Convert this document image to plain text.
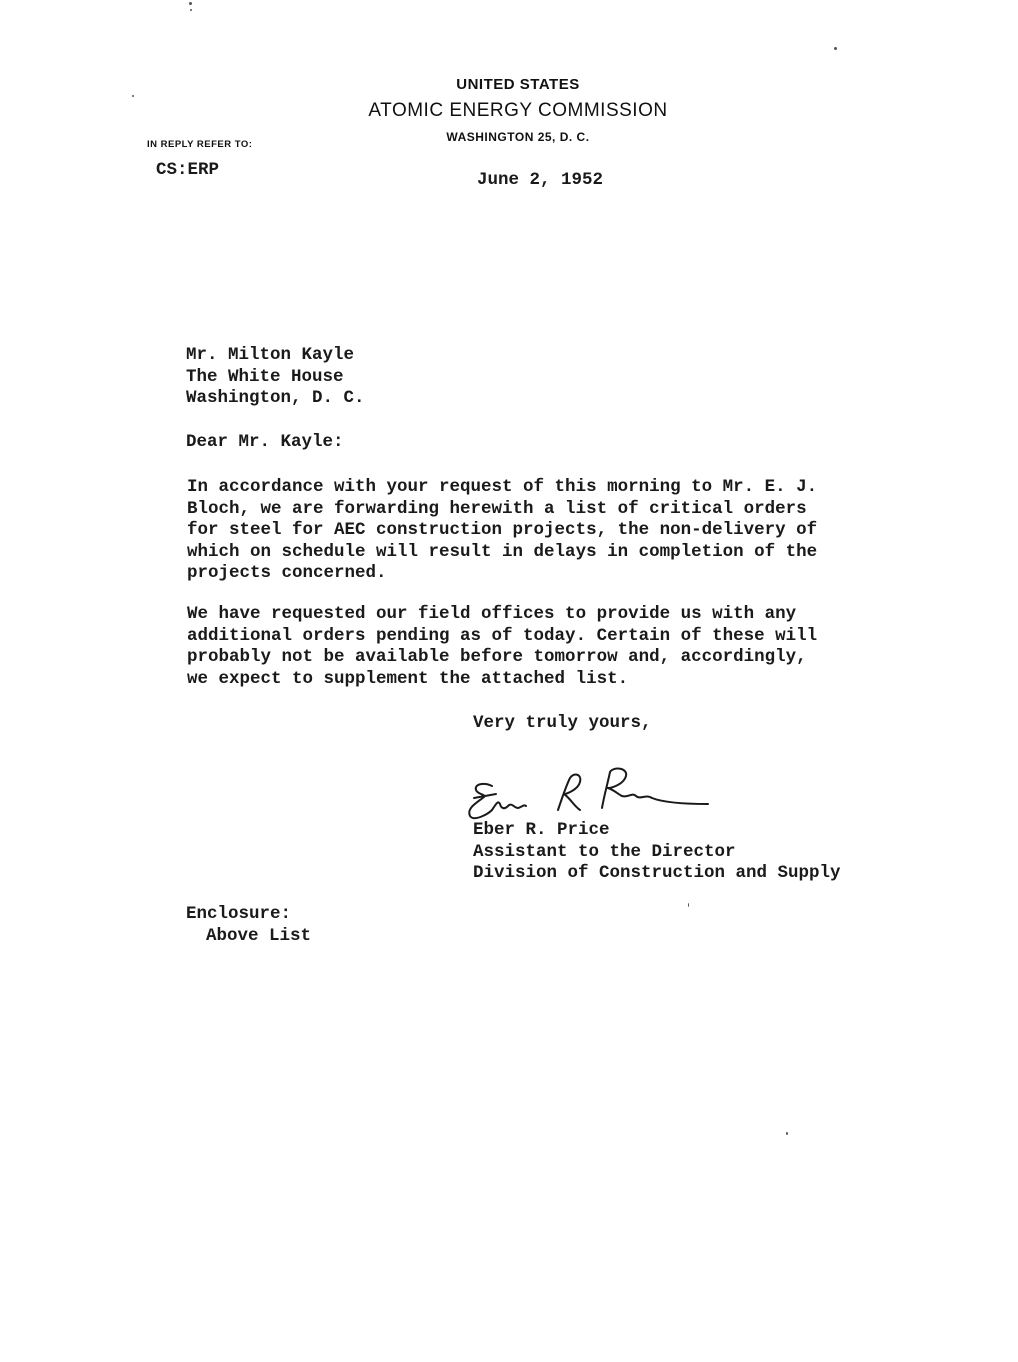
UNITED STATES
ATOMIC ENERGY COMMISSION
WASHINGTON 25, D. C.
IN REPLY REFER TO:
CS:ERP	June 2, 1952
Mr. Milton Kayle
The White House
Washington, D. C.
Dear Mr. Kayle:
In accordance with your request of this morning to Mr. E. J.
Bloch, we are forwarding herewith a list of critical orders
for steel for AEC construction projects, the non-delivery of
which on schedule will result in delays in completion of the
projects concerned.
We have requested our field offices to provide us with any
additional orders pending as of today. Certain of these will
probably not be available before tomorrow and, accordingly,
we expect to supplement the attached list.
Very truly yours,
Eber R. Price
Assistant to the Director
Division of Construction and Supply
Enclosure:
Above List
